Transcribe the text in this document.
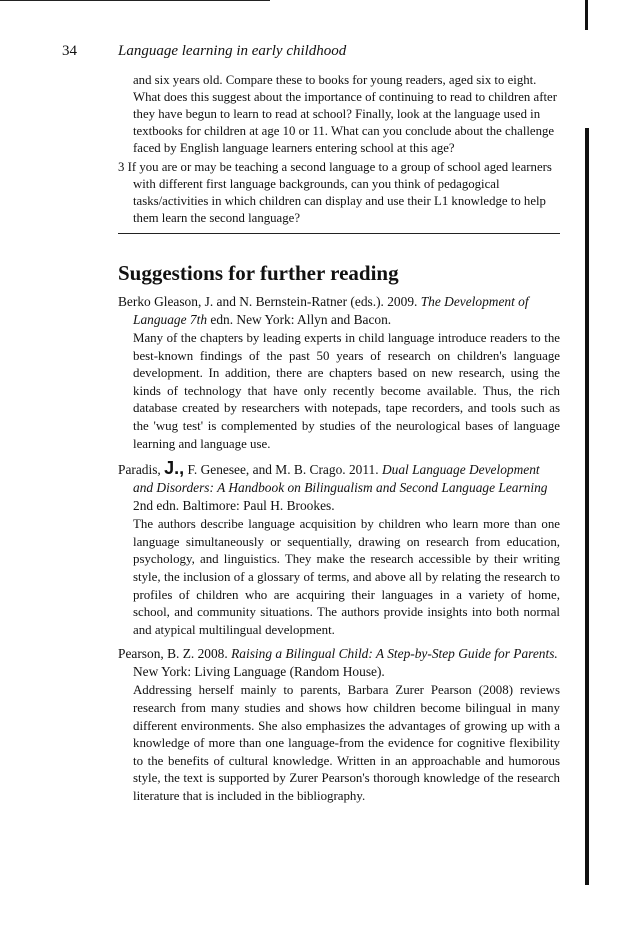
34	Language learning in early childhood
and six years old. Compare these to books for young readers, aged six to eight. What does this suggest about the importance of continuing to read to children after they have begun to learn to read at school? Finally, look at the language used in textbooks for children at age 10 or 11. What can you conclude about the challenge faced by English language learners entering school at this age?
3 If you are or may be teaching a second language to a group of school aged learners with different first language backgrounds, can you think of pedagogical tasks/activities in which children can display and use their L1 knowledge to help them learn the second language?
Suggestions for further reading
Berko Gleason, J. and N. Bernstein-Ratner (eds.). 2009. The Development of Language 7th edn. New York: Allyn and Bacon.
Many of the chapters by leading experts in child language introduce readers to the best-known findings of the past 50 years of research on children's language development. In addition, there are chapters based on new research, using the kinds of technology that have only recently become available. Thus, the rich database created by researchers with notepads, tape recorders, and tools such as the 'wug test' is complemented by studies of the neurological bases of language learning and language use.
Paradis, J., F. Genesee, and M. B. Crago. 2011. Dual Language Development and Disorders: A Handbook on Bilingualism and Second Language Learning 2nd edn. Baltimore: Paul H. Brookes.
The authors describe language acquisition by children who learn more than one language simultaneously or sequentially, drawing on research from education, psychology, and linguistics. They make the research accessible by their writing style, the inclusion of a glossary of terms, and above all by relating the research to profiles of children who are acquiring their languages in a variety of home, school, and community situations. The authors provide insights into both normal and atypical multilingual development.
Pearson, B. Z. 2008. Raising a Bilingual Child: A Step-by-Step Guide for Parents. New York: Living Language (Random House).
Addressing herself mainly to parents, Barbara Zurer Pearson (2008) reviews research from many studies and shows how children become bilingual in many different environments. She also emphasizes the advantages of growing up with a knowledge of more than one language-from the evidence for cognitive flexibility to the benefits of cultural knowledge. Written in an approachable and humorous style, the text is supported by Zurer Pearson's thorough knowledge of the research literature that is included in the bibliography.
